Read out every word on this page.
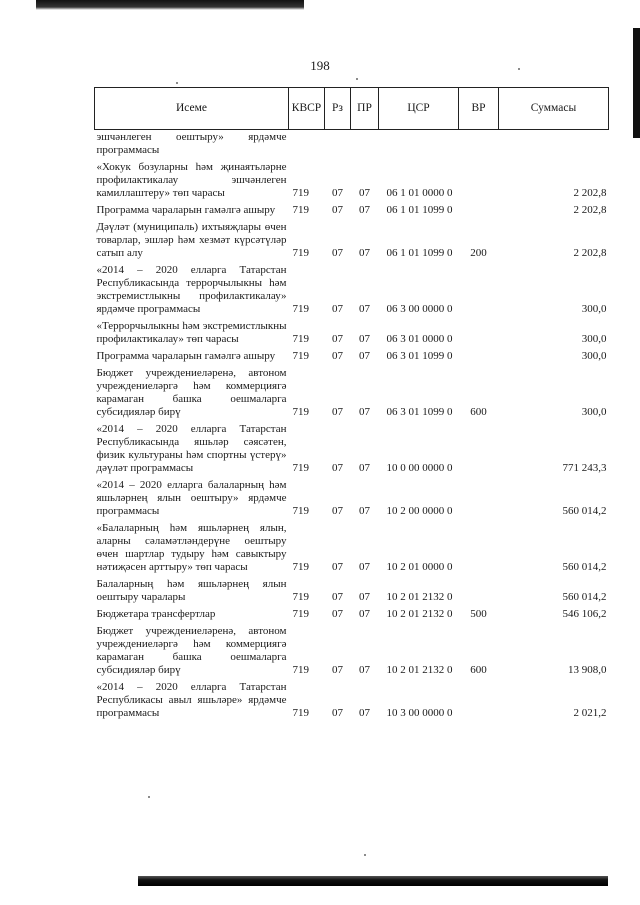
198
Исеме	КВСР	Рз	ПР	ЦСР	ВР	Суммасы
эшчәнлеген оештыру» ярдәмче программасы						
«Хокук бозуларны һәм җинаятьләрне профилактикалау эшчәнлеген камиллаштеру» төп чарасы	719	07	07	06 1 01 0000 0		2 202,8
Программа чараларын гамәлгә ашыру	719	07	07	06 1 01 1099 0		2 202,8
Дәүләт (муниципаль) ихтыяҗлары өчен товарлар, эшләр һәм хезмәт күрсәтүләр сатып алу	719	07	07	06 1 01 1099 0	200	2 202,8
«2014 – 2020 елларга Татарстан Республикасында террорчылыкны һәм экстремистлыкны профилактикалау» ярдәмче программасы	719	07	07	06 3 00 0000 0		300,0
«Террорчылыкны һәм экстремистлыкны профилактикалау» төп чарасы	719	07	07	06 3 01 0000 0		300,0
Программа чараларын гамәлгә ашыру	719	07	07	06 3 01 1099 0		300,0
Бюджет учреждениеләренә, автоном учреждениеләргә һәм коммерциягә карамаган башка оешмаларга субсидияләр бирү	719	07	07	06 3 01 1099 0	600	300,0
«2014 – 2020 елларга Татарстан Республикасында яшьләр сәясәтен, физик культураны һәм спортны үстерү» дәүләт программасы	719	07	07	10 0 00 0000 0		771 243,3
«2014 – 2020 елларга балаларның һәм яшьләрнең ялын оештыру» ярдәмче программасы	719	07	07	10 2 00 0000 0		560 014,2
«Балаларның һәм яшьләрнең ялын, аларны сәламәтләндерүне оештыру өчен шартлар тудыру һәм савыктыру нәтиҗәсен арттыру» төп чарасы	719	07	07	10 2 01 0000 0		560 014,2
Балаларның һәм яшьләрнең ялын оештыру чаралары	719	07	07	10 2 01 2132 0		560 014,2
Бюджетара трансфертлар	719	07	07	10 2 01 2132 0	500	546 106,2
Бюджет учреждениеләренә, автоном учреждениеләргә һәм коммерциягә карамаган башка оешмаларга субсидияләр бирү	719	07	07	10 2 01 2132 0	600	13 908,0
«2014 – 2020 елларга Татарстан Республикасы авыл яшьләре» ярдәмче программасы	719	07	07	10 3 00 0000 0		2 021,2
